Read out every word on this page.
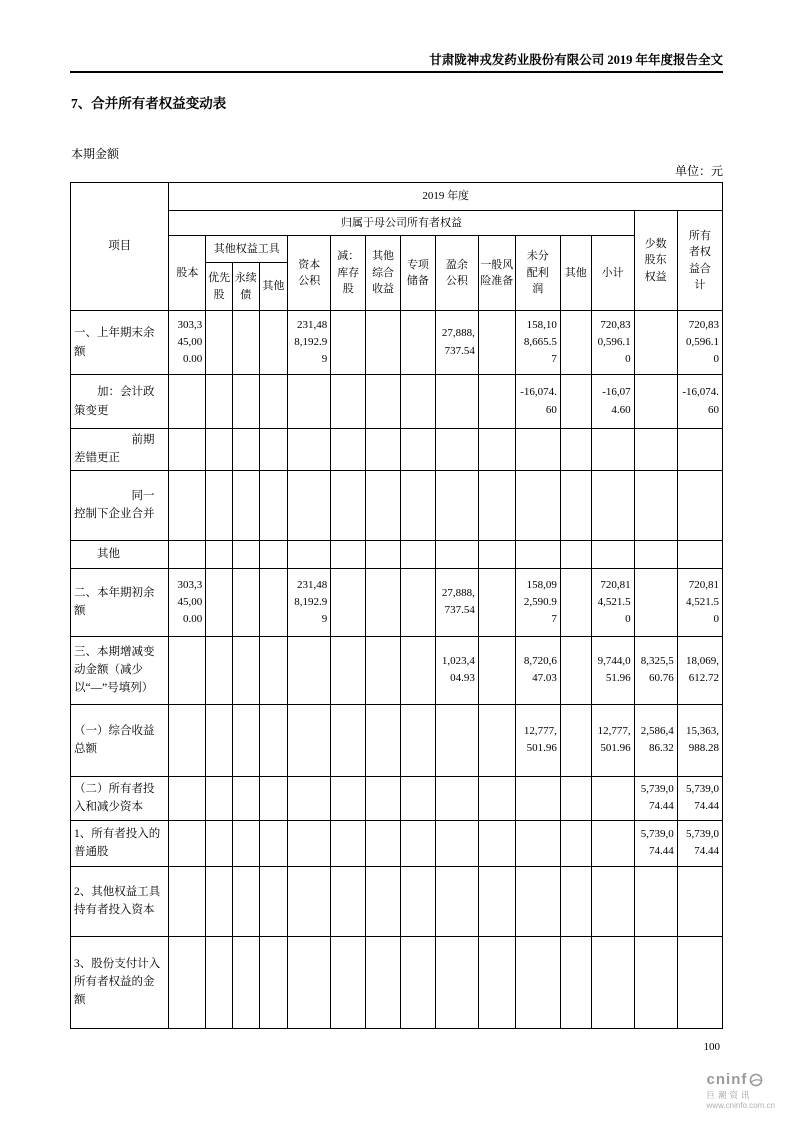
甘肃陇神戎发药业股份有限公司 2019 年年度报告全文
7、合并所有者权益变动表
本期金额
单位：元
项目	2019 年度														
	归属于母公司所有者权益													少数股东权益	所有者权益合计
	股本	其他权益工具			资本公积	减：库存股	其他综合收益	专项储备	盈余公积	一般风险准备	未分配利润	其他	小计		
		优先股	永续债	其他											
一、上年期末余额	303,345,000.00				231,488,192.99				27,888,737.54		158,108,665.57		720,830,596.10		720,830,596.10
　　加：会计政策变更											-16,074.60		-16,074.60		-16,074.60
　　　　　前期差错更正															
　　　　　同一控制下企业合并															
　　其他															
二、本年期初余额	303,345,000.00				231,488,192.99				27,888,737.54		158,092,590.97		720,814,521.50		720,814,521.50
三、本期增减变动金额（减少以“—”号填列）									1,023,404.93		8,720,647.03		9,744,051.96	8,325,560.76	18,069,612.72
（一）综合收益总额											12,777,501.96		12,777,501.96	2,586,486.32	15,363,988.28
（二）所有者投入和减少资本														5,739,074.44	5,739,074.44
1、所有者投入的普通股														5,739,074.44	5,739,074.44
2、其他权益工具持有者投入资本															
3、股份支付计入所有者权益的金额															
100
cninf
巨潮资讯
www.cninfo.com.cn
